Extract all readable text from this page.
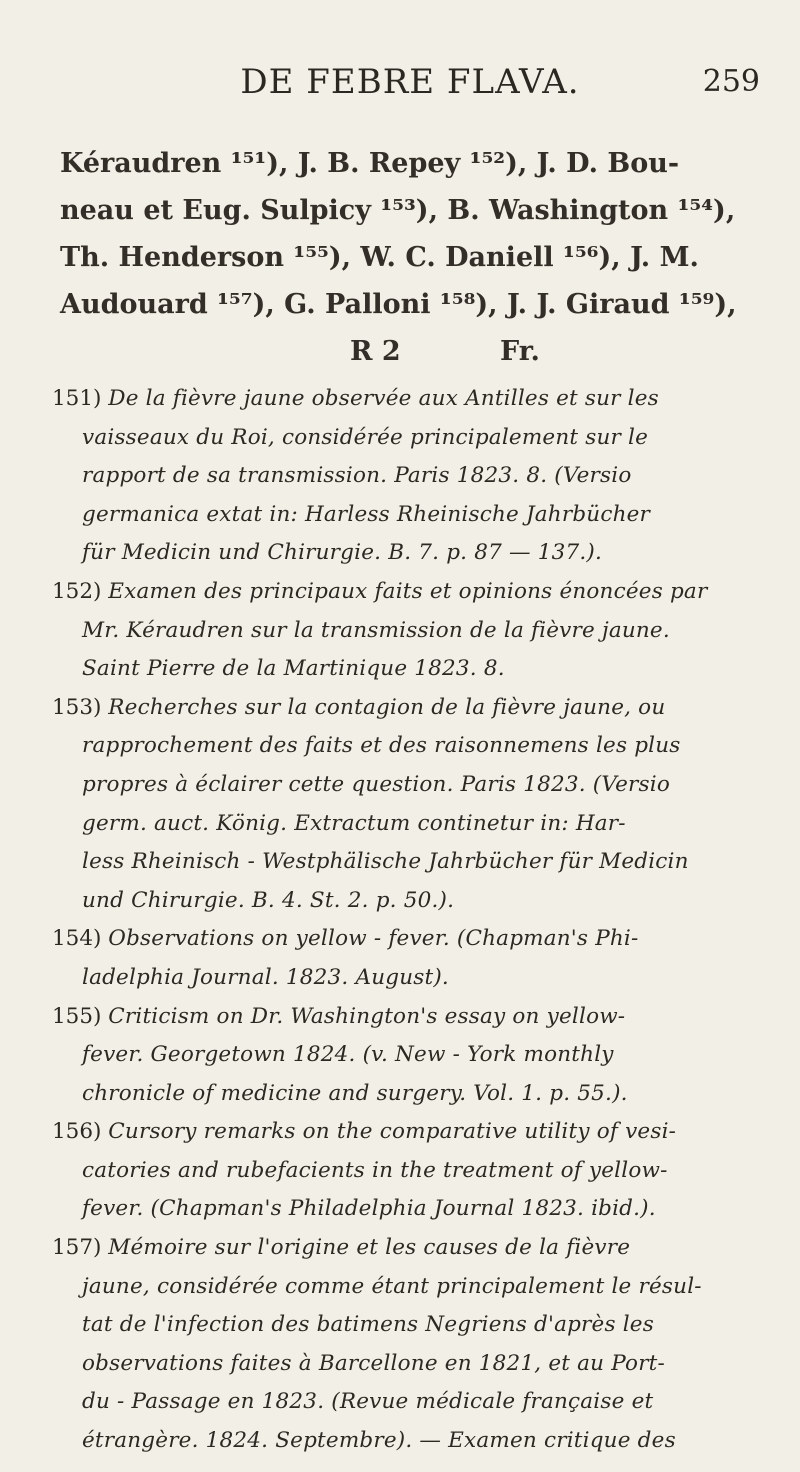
DE FEBRE FLAVA.	259
Kéraudren ¹⁵¹), J. B. Repey ¹⁵²), J. D. Bou-
neau et Eug. Sulpicy ¹⁵³), B. Washington ¹⁵⁴),
Th. Henderson ¹⁵⁵), W. C. Daniell ¹⁵⁶), J. M.
Audouard ¹⁵⁷), G. Palloni ¹⁵⁸), J. J. Giraud ¹⁵⁹),
R 2	Fr.
151) De la fièvre jaune observée aux Antilles et sur les
vaisseaux du Roi, considérée principalement sur le
rapport de sa transmission. Paris 1823. 8. (Versio
germanica extat in: Harless Rheinische Jahrbücher
für Medicin und Chirurgie. B. 7. p. 87 — 137.).
152) Examen des principaux faits et opinions énoncées par
Mr. Kéraudren sur la transmission de la fièvre jaune.
Saint Pierre de la Martinique 1823. 8.
153) Recherches sur la contagion de la fièvre jaune, ou
rapprochement des faits et des raisonnemens les plus
propres à éclairer cette question. Paris 1823. (Versio
germ. auct. König. Extractum continetur in: Har-
less Rheinisch - Westphälische Jahrbücher für Medicin
und Chirurgie. B. 4. St. 2. p. 50.).
154) Observations on yellow - fever. (Chapman's Phi-
ladelphia Journal. 1823. August).
155) Criticism on Dr. Washington's essay on yellow-
fever. Georgetown 1824. (v. New - York monthly
chronicle of medicine and surgery. Vol. 1. p. 55.).
156) Cursory remarks on the comparative utility of vesi-
catories and rubefacients in the treatment of yellow-
fever. (Chapman's Philadelphia Journal 1823. ibid.).
157) Mémoire sur l'origine et les causes de la fièvre
jaune, considérée comme étant principalement le résul-
tat de l'infection des batimens Negriens d'après les
observations faites à Barcellone en 1821, et au Port-
du - Passage en 1823. (Revue médicale française et
étrangère. 1824. Septembre). — Examen critique des
